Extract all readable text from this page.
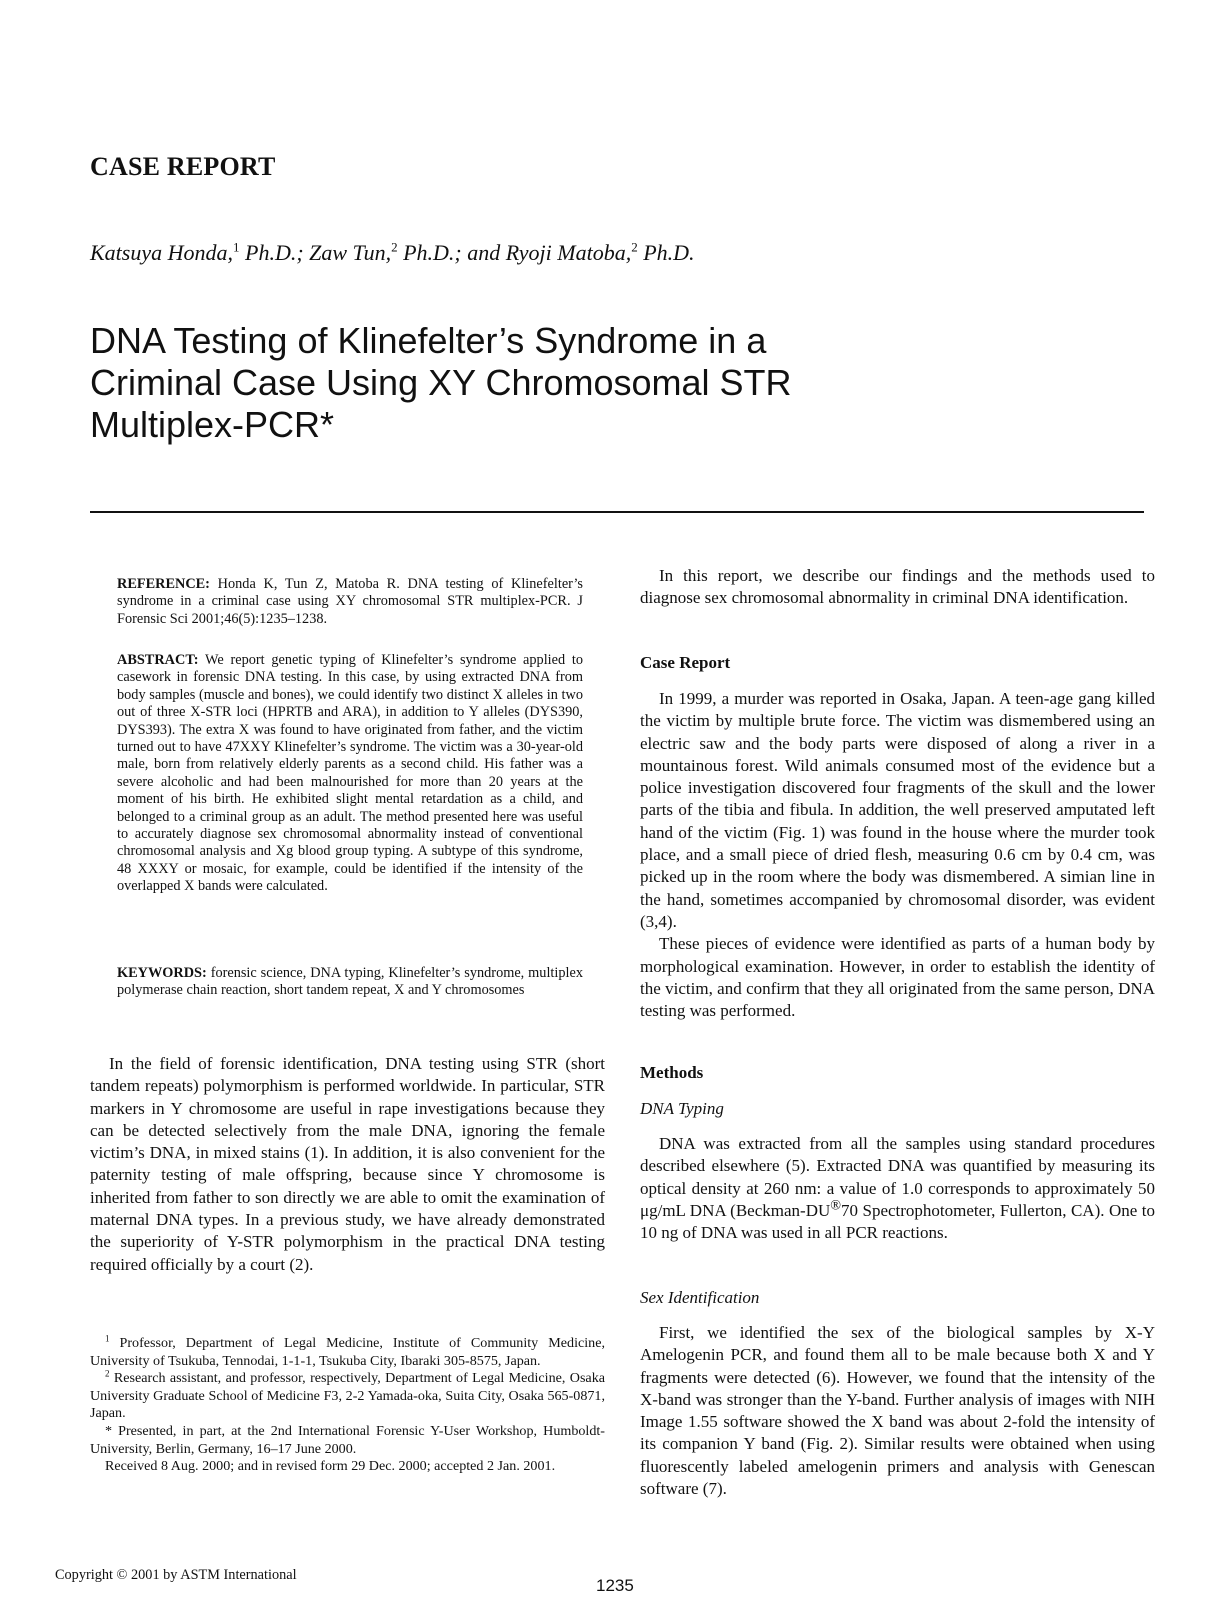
CASE REPORT
Katsuya Honda,$^1$ Ph.D.; Zaw Tun,$^2$ Ph.D.; and Ryoji Matoba,$^2$ Ph.D.
DNA Testing of Klinefelter’s Syndrome in a
Criminal Case Using XY Chromosomal STR
Multiplex-PCR*
REFERENCE: Honda K, Tun Z, Matoba R. DNA testing of Klinefelter’s syndrome in a criminal case using XY chromosomal STR multiplex-PCR. J Forensic Sci 2001;46(5):1235–1238.
ABSTRACT: We report genetic typing of Klinefelter’s syndrome applied to casework in forensic DNA testing. In this case, by using extracted DNA from body samples (muscle and bones), we could identify two distinct X alleles in two out of three X-STR loci (HPRTB and ARA), in addition to Y alleles (DYS390, DYS393). The extra X was found to have originated from father, and the victim turned out to have 47XXY Klinefelter’s syndrome. The victim was a 30-year-old male, born from relatively elderly parents as a second child. His father was a severe alcoholic and had been malnourished for more than 20 years at the moment of his birth. He exhibited slight mental retardation as a child, and belonged to a criminal group as an adult. The method presented here was useful to accurately diagnose sex chromosomal abnormality instead of conventional chromosomal analysis and Xg blood group typing. A subtype of this syndrome, 48 XXXY or mosaic, for example, could be identified if the intensity of the overlapped X bands were calculated.
KEYWORDS: forensic science, DNA typing, Klinefelter’s syndrome, multiplex polymerase chain reaction, short tandem repeat, X and Y chromosomes

In the field of forensic identification, DNA testing using STR (short tandem repeats) polymorphism is performed worldwide. In particular, STR markers in Y chromosome are useful in rape investigations because they can be detected selectively from the male DNA, ignoring the female victim’s DNA, in mixed stains (1). In addition, it is also convenient for the paternity testing of male offspring, because since Y chromosome is inherited from father to son directly we are able to omit the examination of maternal DNA types. In a previous study, we have already demonstrated the superiority of Y-STR polymorphism in the practical DNA testing required officially by a court (2).

$^1$ Professor, Department of Legal Medicine, Institute of Community Medicine, University of Tsukuba, Tennodai, 1-1-1, Tsukuba City, Ibaraki 305-8575, Japan.

$^2$ Research assistant, and professor, respectively, Department of Legal Medicine, Osaka University Graduate School of Medicine F3, 2-2 Yamada-oka, Suita City, Osaka 565-0871, Japan.

* Presented, in part, at the 2nd International Forensic Y-User Workshop, Humboldt-University, Berlin, Germany, 16–17 June 2000.

Received 8 Aug. 2000; and in revised form 29 Dec. 2000; accepted 2 Jan. 2001.

In this report, we describe our findings and the methods used to diagnose sex chromosomal abnormality in criminal DNA identification.

Case Report

In 1999, a murder was reported in Osaka, Japan. A teen-age gang killed the victim by multiple brute force. The victim was dismembered using an electric saw and the body parts were disposed of along a river in a mountainous forest. Wild animals consumed most of the evidence but a police investigation discovered four fragments of the skull and the lower parts of the tibia and fibula. In addition, the well preserved amputated left hand of the victim (Fig. 1) was found in the house where the murder took place, and a small piece of dried flesh, measuring 0.6 cm by 0.4 cm, was picked up in the room where the body was dismembered. A simian line in the hand, sometimes accompanied by chromosomal disorder, was evident (3,4).

These pieces of evidence were identified as parts of a human body by morphological examination. However, in order to establish the identity of the victim, and confirm that they all originated from the same person, DNA testing was performed.

Methods
DNA Typing

DNA was extracted from all the samples using standard procedures described elsewhere (5). Extracted DNA was quantified by measuring its optical density at 260 nm: a value of 1.0 corresponds to approximately 50 μg/mL DNA (Beckman-DU®70 Spectrophotometer, Fullerton, CA). One to 10 ng of DNA was used in all PCR reactions.

Sex Identification

First, we identified the sex of the biological samples by X-Y Amelogenin PCR, and found them all to be male because both X and Y fragments were detected (6). However, we found that the intensity of the X-band was stronger than the Y-band. Further analysis of images with NIH Image 1.55 software showed the X band was about 2-fold the intensity of its companion Y band (Fig. 2). Similar results were obtained when using fluorescently labeled amelogenin primers and analysis with Genescan software (7).

Copyright © 2001 by ASTM International
1235
